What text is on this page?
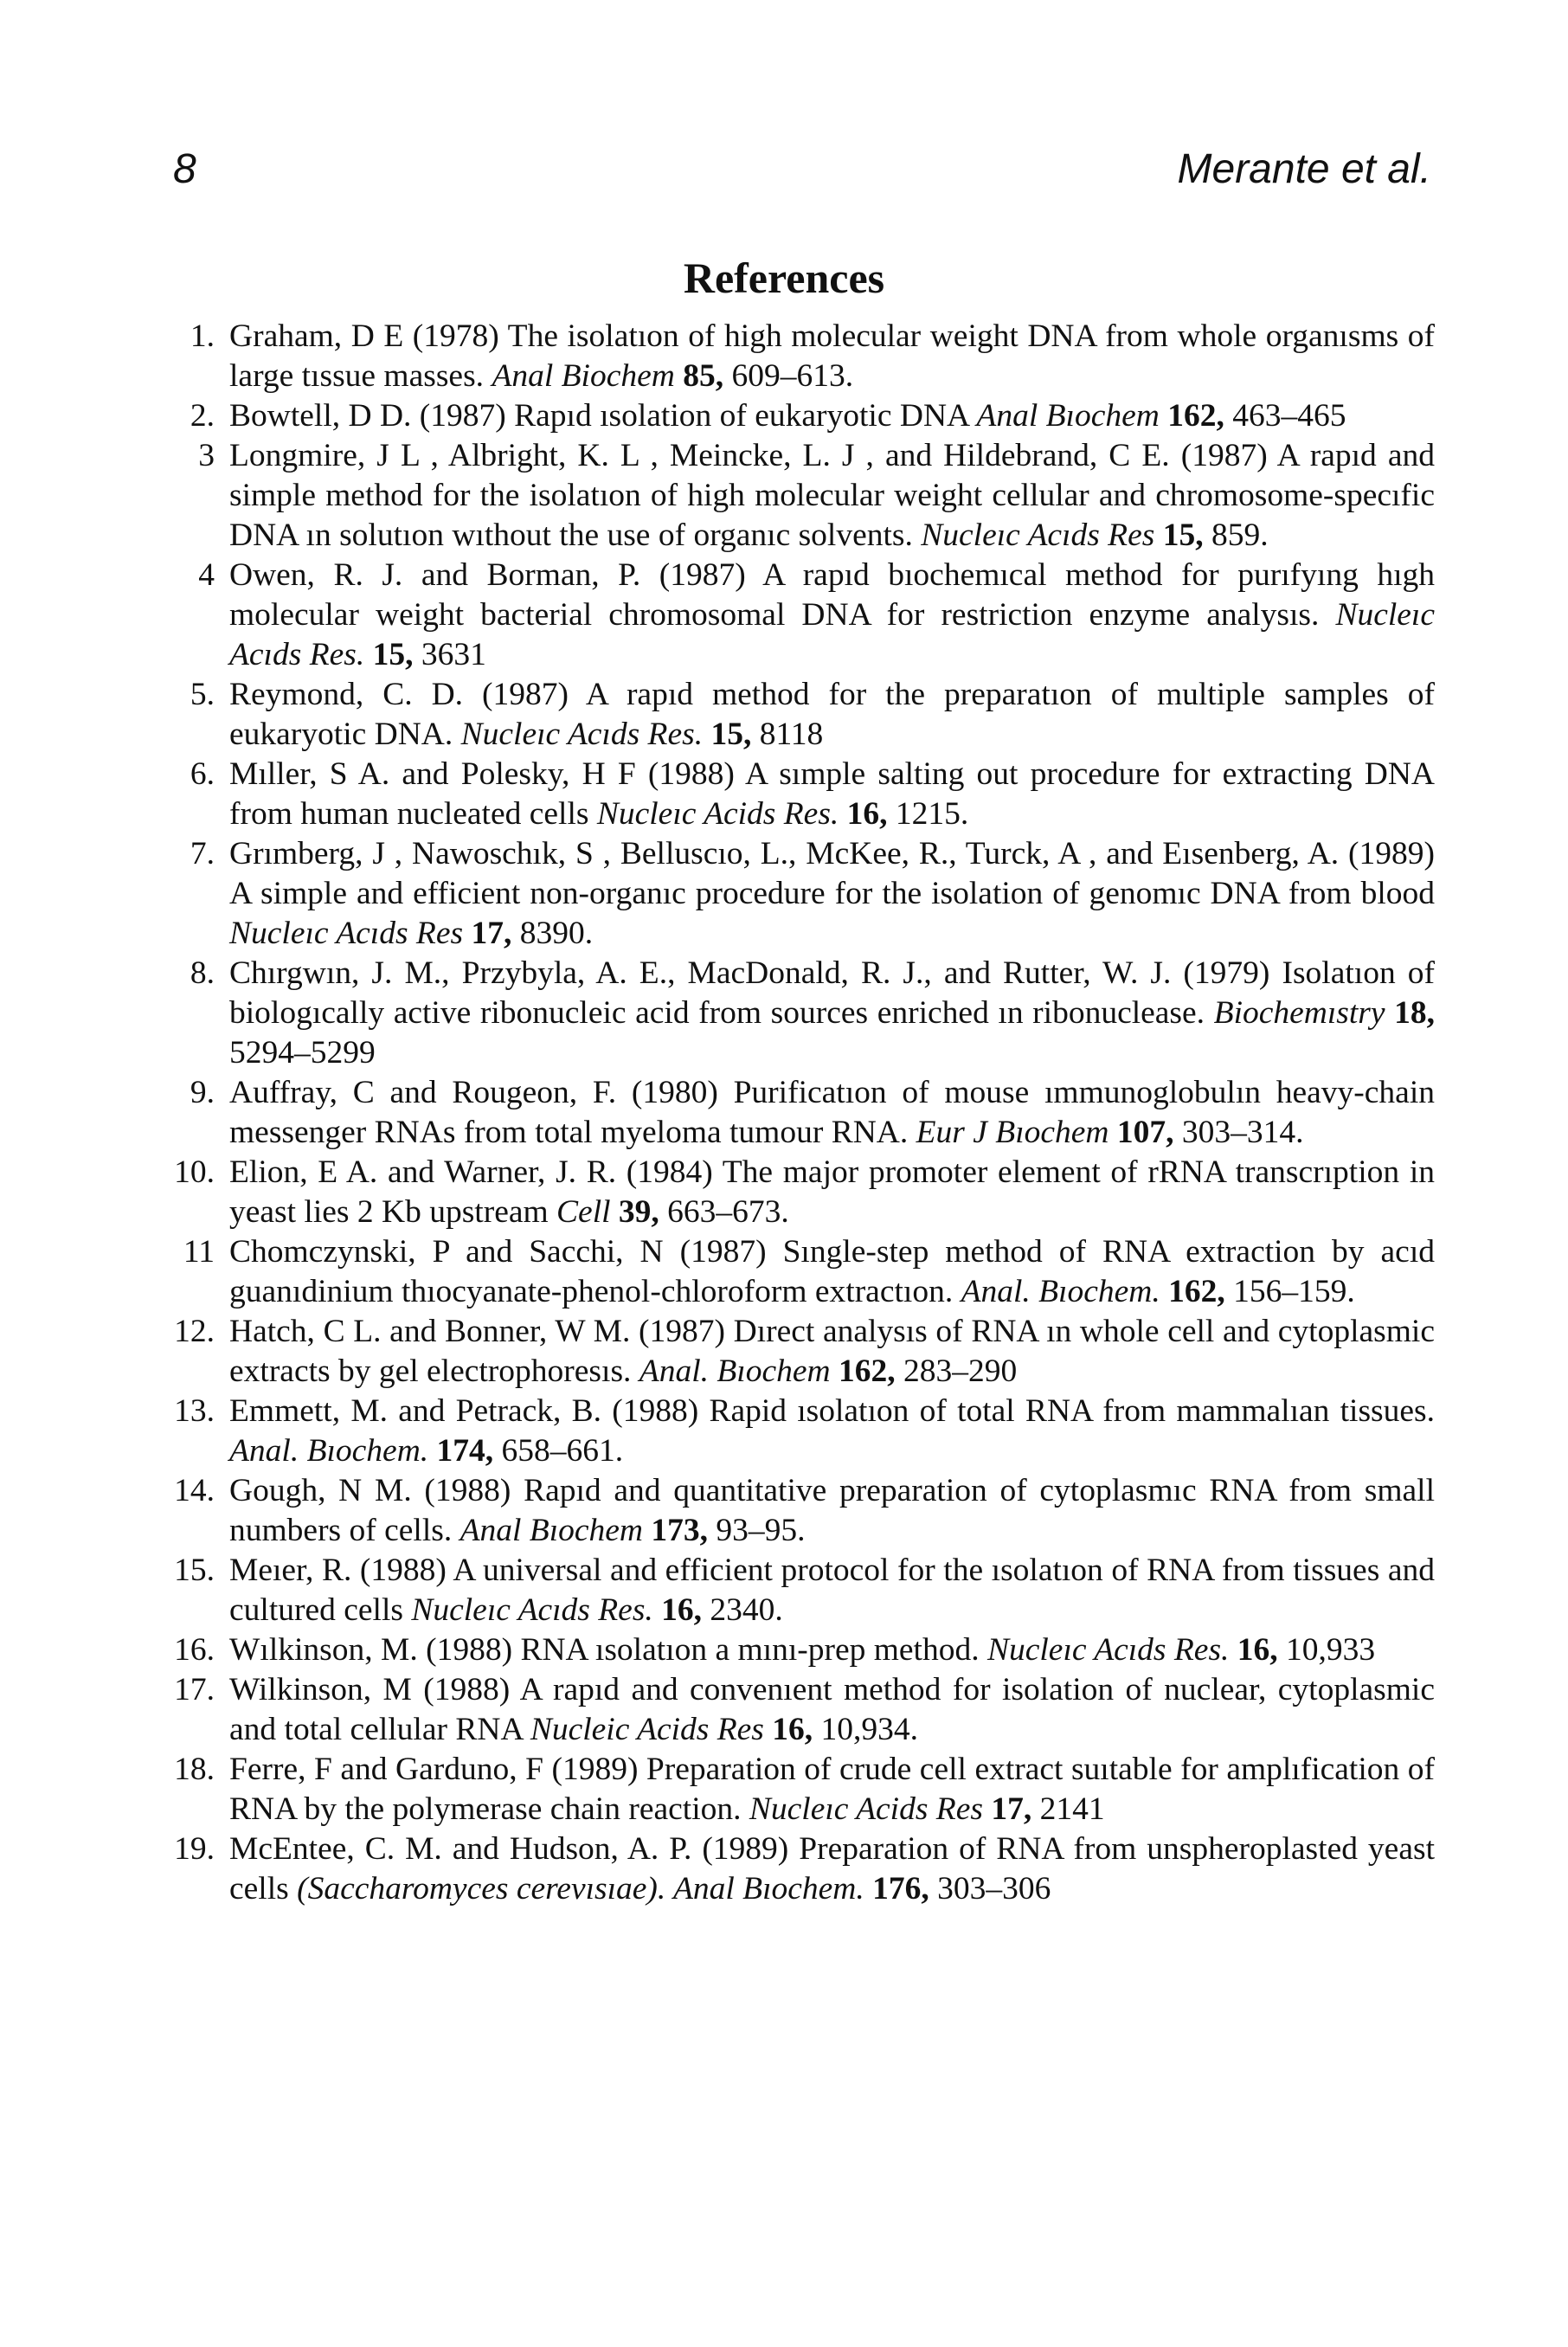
8	Merante et al.
References
1. Graham, D E (1978) The isolatıon of high molecular weight DNA from whole organısms of large tıssue masses. Anal Biochem 85, 609–613.
2. Bowtell, D D. (1987) Rapıd ısolation of eukaryotic DNA Anal Bıochem 162, 463–465
3 Longmire, J L , Albright, K. L , Meincke, L. J , and Hildebrand, C E. (1987) A rapıd and simple method for the isolatıon of high molecular weight cellular and chromosome-specıfic DNA ın solutıon wıthout the use of organıc solvents. Nucleıc Acıds Res 15, 859.
4 Owen, R. J. and Borman, P. (1987) A rapıd bıochemıcal method for purıfyıng hıgh molecular weight bacterial chromosomal DNA for restriction enzyme analysıs. Nucleıc Acıds Res. 15, 3631
5. Reymond, C. D. (1987) A rapıd method for the preparatıon of multiple samples of eukaryotic DNA. Nucleıc Acıds Res. 15, 8118
6. Mıller, S A. and Polesky, H F (1988) A sımple salting out procedure for extracting DNA from human nucleated cells Nucleıc Acids Res. 16, 1215.
7. Grımberg, J , Nawoschık, S , Belluscıo, L., McKee, R., Turck, A , and Eısenberg, A. (1989) A simple and efficient non-organıc procedure for the isolation of genomıc DNA from blood Nucleıc Acıds Res 17, 8390.
8. Chırgwın, J. M., Przybyla, A. E., MacDonald, R. J., and Rutter, W. J. (1979) Isolatıon of biologıcally active ribonucleic acid from sources enriched ın ribonuclease. Biochemıstry 18, 5294–5299
9. Auffray, C and Rougeon, F. (1980) Purificatıon of mouse ımmunoglobulın heavy-chain messenger RNAs from total myeloma tumour RNA. Eur J Bıochem 107, 303–314.
10. Elion, E A. and Warner, J. R. (1984) The major promoter element of rRNA transcrıption in yeast lies 2 Kb upstream Cell 39, 663–673.
11 Chomczynski, P and Sacchi, N (1987) Sıngle-step method of RNA extraction by acıd guanıdinium thıocyanate-phenol-chloroform extractıon. Anal. Bıochem. 162, 156–159.
12. Hatch, C L. and Bonner, W M. (1987) Dırect analysıs of RNA ın whole cell and cytoplasmic extracts by gel electrophoresıs. Anal. Bıochem 162, 283–290
13. Emmett, M. and Petrack, B. (1988) Rapid ısolatıon of total RNA from mammalıan tissues. Anal. Bıochem. 174, 658–661.
14. Gough, N M. (1988) Rapıd and quantitative preparation of cytoplasmıc RNA from small numbers of cells. Anal Bıochem 173, 93–95.
15. Meıer, R. (1988) A universal and efficient protocol for the ısolatıon of RNA from tissues and cultured cells Nucleıc Acıds Res. 16, 2340.
16. Wılkinson, M. (1988) RNA ısolatıon a mını-prep method. Nucleıc Acıds Res. 16, 10,933
17. Wilkinson, M (1988) A rapıd and convenıent method for isolation of nuclear, cytoplasmic and total cellular RNA Nucleic Acids Res 16, 10,934.
18. Ferre, F and Garduno, F (1989) Preparation of crude cell extract suıtable for amplıfication of RNA by the polymerase chain reaction. Nucleıc Acids Res 17, 2141
19. McEntee, C. M. and Hudson, A. P. (1989) Preparation of RNA from unspheroplasted yeast cells (Saccharomyces cerevısıae). Anal Bıochem. 176, 303–306
